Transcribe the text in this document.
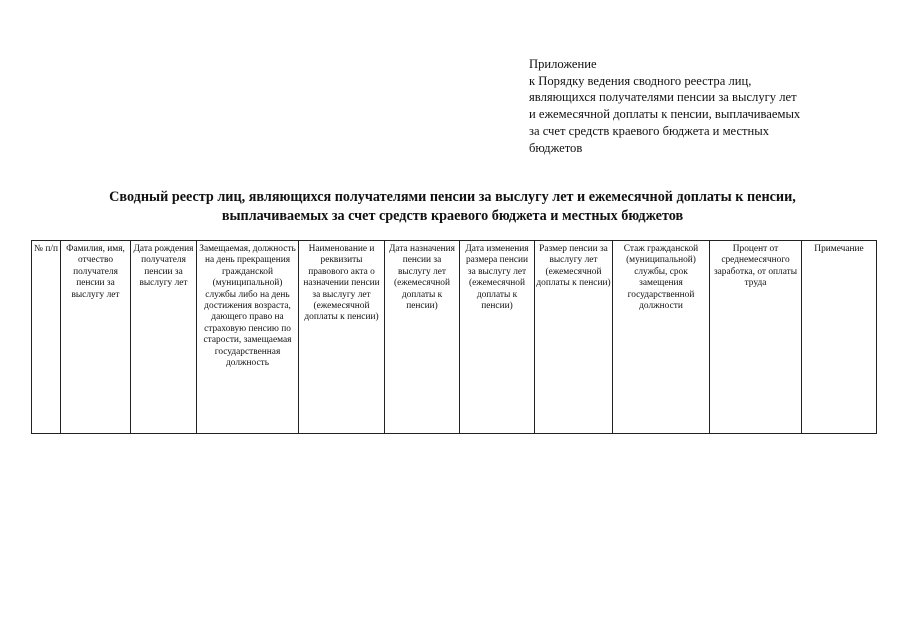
Приложение
к Порядку ведения сводного реестра лиц,
являющихся получателями пенсии за выслугу лет
и ежемесячной доплаты к пенсии, выплачиваемых
за счет средств краевого бюджета и местных
бюджетов
Сводный реестр лиц, являющихся получателями пенсии за выслугу лет и ежемесячной доплаты к пенсии,
выплачиваемых за счет средств краевого бюджета и местных бюджетов
№ п/п	Фамилия, имя, отчество получателя пенсии за выслугу лет	Дата рождения получателя пенсии за выслугу лет	Замещаемая, должность на день прекращения гражданской (муниципальной) службы либо на день достижения возраста, дающего право на страховую пенсию по старости, замещаемая государственная должность	Наименование и реквизиты правового акта о назначении пенсии за выслугу лет (ежемесячной доплаты к пенсии)	Дата назначения пенсии за выслугу лет (ежемесячной доплаты к пенсии)	Дата изменения размера пенсии за выслугу лет (ежемесячной доплаты к пенсии)	Размер пенсии за выслугу лет (ежемесячной доплаты к пенсии)	Стаж гражданской (муниципальной) службы, срок замещения государственной должности	Процент от среднемесячного заработка, от оплаты труда	Примечание
